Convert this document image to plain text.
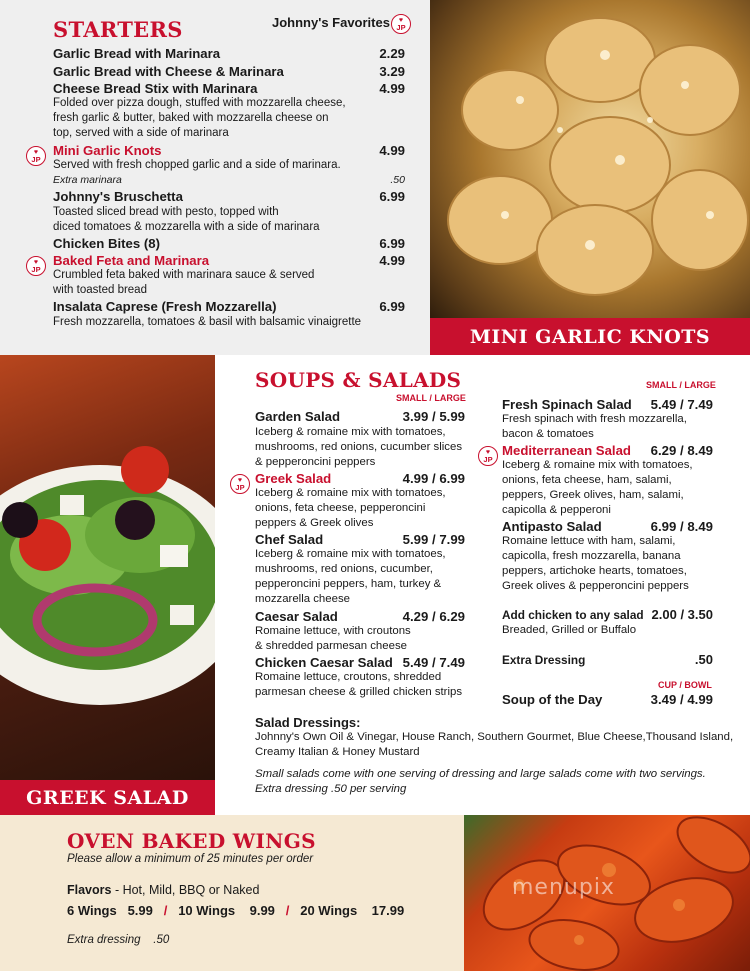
STARTERS	Johnny's Favorites ♥
JP
Garlic Bread with Marinara	2.29
Garlic Bread with Cheese & Marinara	3.29
Cheese Bread Stix with Marinara	4.99
Folded over pizza dough, stuffed with mozzarella cheese,
fresh garlic & butter, baked with mozzarella cheese on
top, served with a side of marinara
♥
JP
Mini Garlic Knots	4.99
Served with fresh chopped garlic and a side of marinara.
Extra marinara	.50
Johnny's Bruschetta	6.99
Toasted sliced bread with pesto, topped with
diced tomatoes & mozzarella with a side of marinara
Chicken Bites (8)	6.99
♥
JP
Baked Feta and Marinara	4.99
Crumbled feta baked with marinara sauce & served
with toasted bread
Insalata Caprese (Fresh Mozzarella)	6.99
Fresh mozzarella, tomatoes & basil with balsamic vinaigrette
MINI GARLIC KNOTS
GREEK SALAD
SOUPS & SALADS
SMALL / LARGE
SMALL / LARGE
Garden Salad	3.99 / 5.99
Iceberg & romaine mix with tomatoes,
mushrooms, red onions, cucumber slices
& pepperoncini peppers
♥
JP
Greek Salad	4.99 / 6.99
Iceberg & romaine mix with tomatoes,
onions, feta cheese, pepperoncini
peppers & Greek olives
Chef Salad	5.99 / 7.99
Iceberg & romaine mix with tomatoes,
mushrooms, red onions, cucumber,
pepperoncini peppers, ham, turkey &
mozzarella cheese
Caesar Salad	4.29 / 6.29
Romaine lettuce, with croutons
& shredded parmesan cheese
Chicken Caesar Salad 5.49 / 7.49
Romaine lettuce, croutons, shredded
parmesan cheese & grilled chicken strips
Fresh Spinach Salad	5.49 / 7.49
Fresh spinach with fresh mozzarella,
bacon & tomatoes
♥
JP
Mediterranean Salad	6.29 / 8.49
Iceberg & romaine mix with tomatoes,
onions, feta cheese, ham, salami,
peppers, Greek olives, ham, salami,
capicolla & pepperoni
Antipasto Salad	6.99 / 8.49
Romaine lettuce with ham, salami,
capicolla, fresh mozzarella, banana
peppers, artichoke hearts, tomatoes,
Greek olives & pepperoncini peppers
Add chicken to any salad 2.00 / 3.50
Breaded, Grilled or Buffalo
Extra Dressing	.50
CUP / BOWL
Soup of the Day	3.49 / 4.99
Salad Dressings:
Johnny's Own Oil & Vinegar, House Ranch, Southern Gourmet, Blue Cheese,Thousand Island,
Creamy Italian & Honey Mustard
Small salads come with one serving of dressing and large salads come with two servings.
Extra dressing .50 per serving
OVEN BAKED WINGS
Please allow a minimum of 25 minutes per order
Flavors - Hot, Mild, BBQ or Naked
6 Wings 5.99 / 10 Wings 9.99 / 20 Wings 17.99
Extra dressing .50
menupix
